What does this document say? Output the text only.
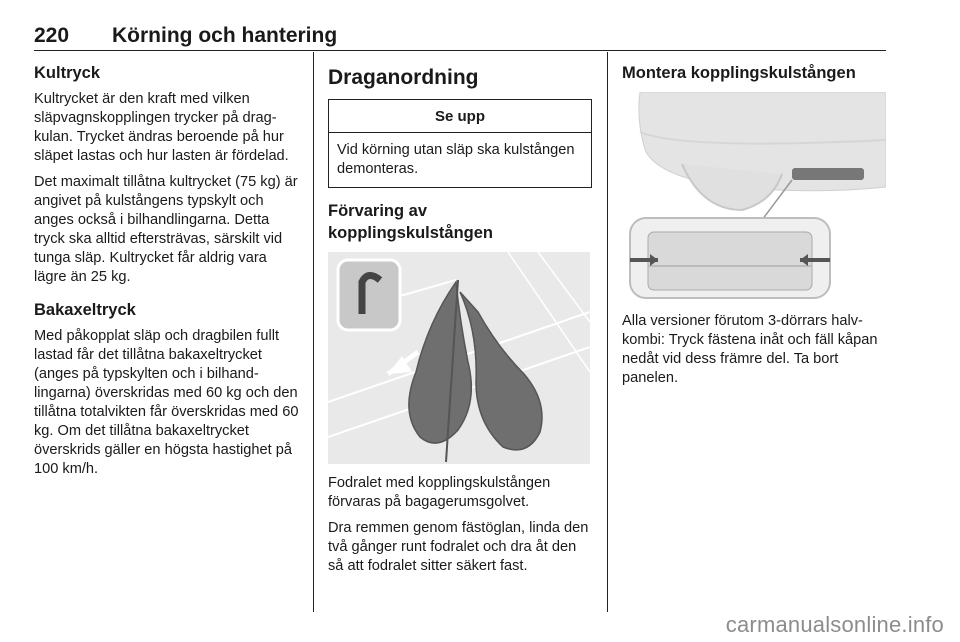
220 Körning och hantering
Kultryck

Kultrycket är den kraft med vilken släpvagnskopplingen trycker på dragkulan. Trycket ändras beroende på hur släpet lastas och hur lasten är fördelad.

Det maximalt tillåtna kultrycket (75 kg) är angivet på kulstångens typskylt och anges också i bilhandlingarna. Detta tryck ska alltid eftersträvas, särskilt vid tunga släp. Kultrycket får aldrig vara lägre än 25 kg.

Bakaxeltryck

Med påkopplat släp och dragbilen fullt lastad får det tillåtna bakaxeltrycket (anges på typskylten och i bilhandlingarna) överskridas med 60 kg och den tillåtna totalvikten får överskridas med 60 kg. Om det tillåtna bakaxeltrycket överskrids gäller en högsta hastighet på 100 km/h.

Draganordning
Se upp
Vid körning utan släp ska kulstången demonteras.
Förvaring av kopplingskulstången

Fodralet med kopplingskulstången förvaras på bagagerumsgolvet.

Dra remmen genom fästöglan, linda den två gånger runt fodralet och dra åt den så att fodralet sitter säkert fast.

Montera kopplingskulstången

Alla versioner förutom 3-dörrars halvkombi: Tryck fästena inåt och fäll kåpan nedåt vid dess främre del. Ta bort panelen.

carmanualsonline.info
